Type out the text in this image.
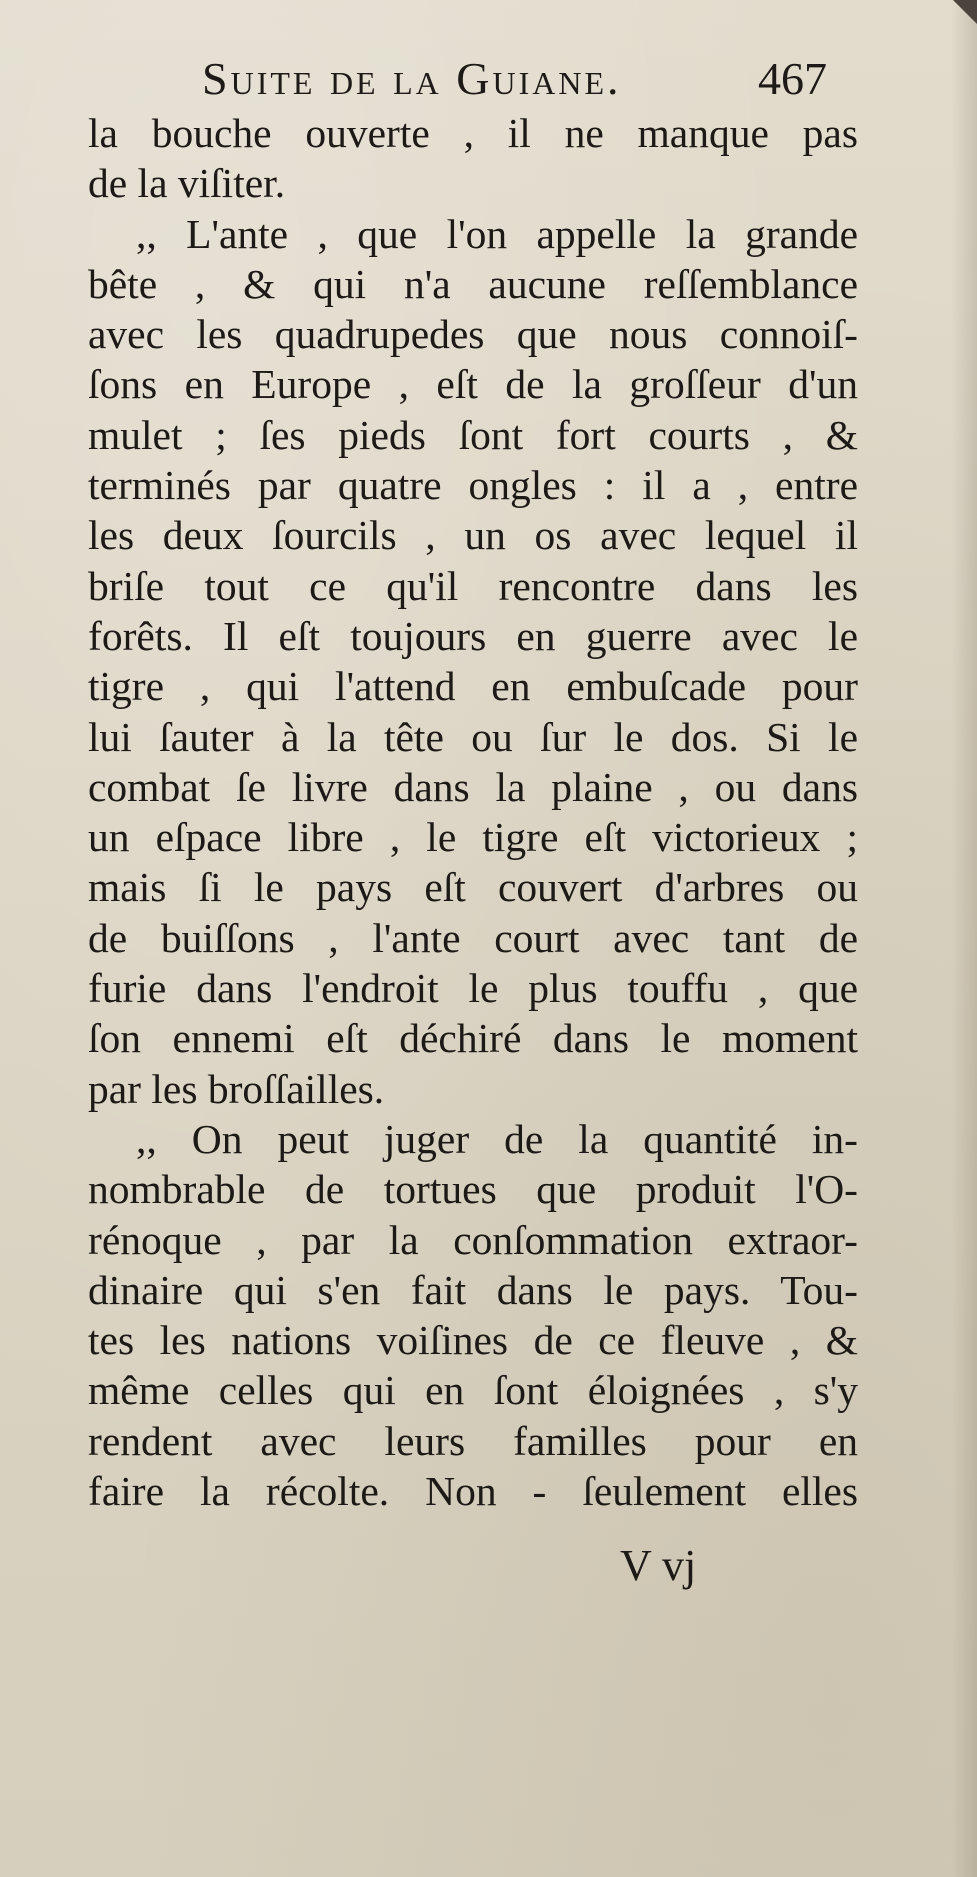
Suite de la Guiane.	467
la bouche ouverte , il ne manque pas
de la viſiter.
,, L'ante , que l'on appelle la grande
bête , & qui n'a aucune reſſemblance
avec les quadrupedes que nous connoiſ-
ſons en Europe , eſt de la groſſeur d'un
mulet ; ſes pieds ſont fort courts , &
terminés par quatre ongles : il a , entre
les deux ſourcils , un os avec lequel il
briſe tout ce qu'il rencontre dans les
forêts. Il eſt toujours en guerre avec le
tigre , qui l'attend en embuſcade pour
lui ſauter à la tête ou ſur le dos. Si le
combat ſe livre dans la plaine , ou dans
un eſpace libre , le tigre eſt victorieux ;
mais ſi le pays eſt couvert d'arbres ou
de buiſſons , l'ante court avec tant de
furie dans l'endroit le plus touffu , que
ſon ennemi eſt déchiré dans le moment
par les broſſailles.
,, On peut juger de la quantité in-
nombrable de tortues que produit l'O-
rénoque , par la conſommation extraor-
dinaire qui s'en fait dans le pays. Tou-
tes les nations voiſines de ce fleuve , &
même celles qui en ſont éloignées , s'y
rendent avec leurs familles pour en
faire la récolte. Non - ſeulement elles
V vj
